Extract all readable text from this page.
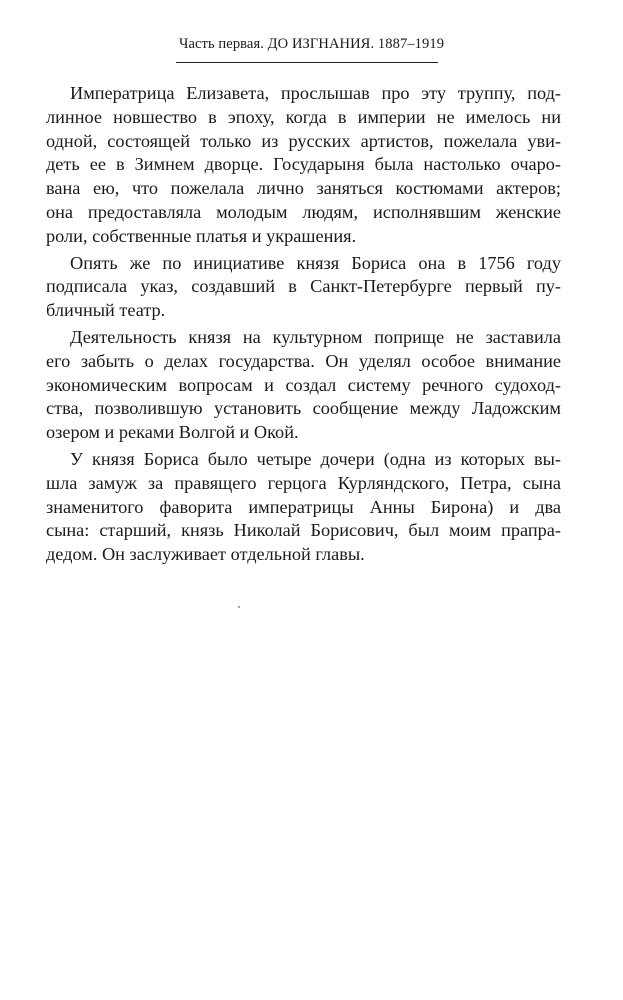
Часть первая. ДО ИЗГНАНИЯ. 1887–1919

Императрица Елизавета, прослышав про эту труппу, под-
линное новшество в эпоху, когда в империи не имелось ни
одной, состоящей только из русских артистов, пожелала уви-
деть ее в Зимнем дворце. Государыня была настолько очаро-
вана ею, что пожелала лично заняться костюмами актеров;
она предоставляла молодым людям, исполнявшим женские
роли, собственные платья и украшения.

Опять же по инициативе князя Бориса она в 1756 году
подписала указ, создавший в Санкт-Петербурге первый пу-
бличный театр.

Деятельность князя на культурном поприще не заставила
его забыть о делах государства. Он уделял особое внимание
экономическим вопросам и создал систему речного судоход-
ства, позволившую установить сообщение между Ладожским
озером и реками Волгой и Окой.

У князя Бориса было четыре дочери (одна из которых вы-
шла замуж за правящего герцога Курляндского, Петра, сына
знаменитого фаворита императрицы Анны Бирона) и два
сына: старший, князь Николай Борисович, был моим прапра-
дедом. Он заслуживает отдельной главы.
